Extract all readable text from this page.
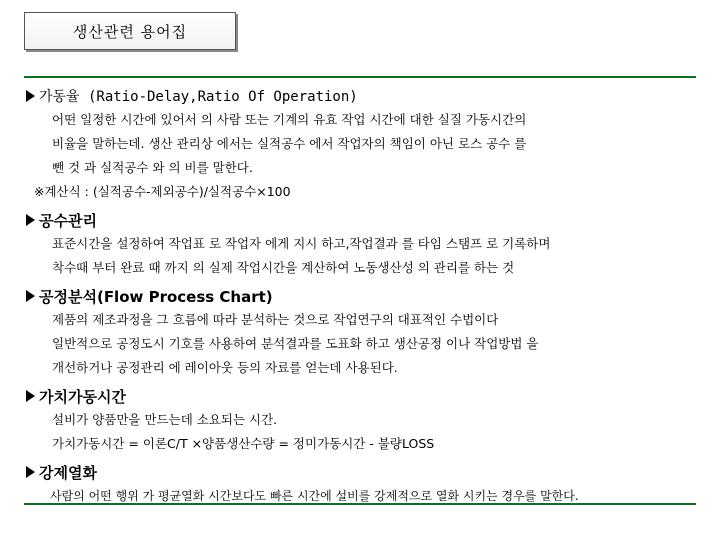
생산관련 용어집
가동율 (Ratio-Delay,Ratio Of Operation)
어떤 일정한 시간에 있어서 의 사람 또는 기계의 유효 작업 시간에 대한 실질 가동시간의
비율을 말하는데. 생산 관리상 에서는 실적공수 에서 작업자의 책임이 아닌 로스 공수 를
뺀 것 과 실적공수 와 의 비를 말한다.
※계산식 : (실적공수-제외공수)/실적공수×100
공수관리
표준시간을 설정하여 작업표 로 작업자 에게 지시 하고,작업결과 를 타임 스탬프 로 기록하며
착수때 부터 완료 때 까지 의 실제 작업시간을 계산하여 노동생산성 의 관리를 하는 것
공정분석(Flow Process Chart)
제품의 제조과정을 그 흐름에 따라 분석하는 것으로 작업연구의 대표적인 수법이다
일반적으로 공정도시 기호를 사용하여 분석결과를 도표화 하고 생산공정 이나 작업방법 을
개선하거나 공정관리 에 레이아웃 등의 자료를 얻는데 사용된다.
가치가동시간
설비가 양품만을 만드는데 소요되는 시간.
가치가동시간 = 이론C/T ×양품생산수량 = 정미가동시간 - 불량LOSS
강제열화
사람의 어떤 행위 가 평균열화 시간보다도 빠른 시간에 설비를 강제적으로 열화 시키는 경우를 말한다.
